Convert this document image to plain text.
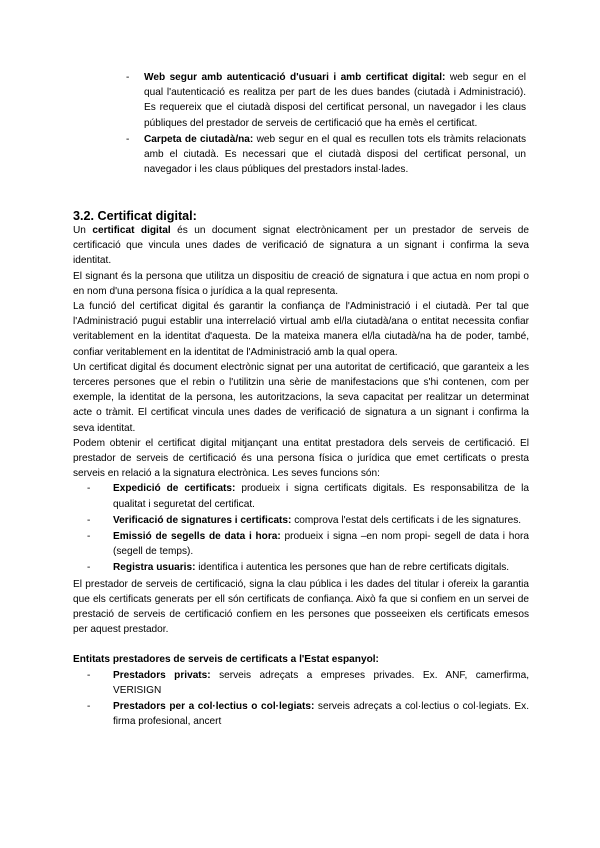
- Web segur amb autenticació d'usuari i amb certificat digital: web segur en el qual l'autenticació es realitza per part de les dues bandes (ciutadà i Administració). Es requereix que el ciutadà disposi del certificat personal, un navegador i les claus públiques del prestador de serveis de certificació que ha emès el certificat.
- Carpeta de ciutadà/na: web segur en el qual es recullen tots els tràmits relacionats amb el ciutadà. Es necessari que el ciutadà disposi del certificat personal, un navegador i les claus públiques del prestadors instal·lades.
3.2. Certificat digital:

Un certificat digital és un document signat electrònicament per un prestador de serveis de certificació que vincula unes dades de verificació de signatura a un signant i confirma la seva identitat.

El signant és la persona que utilitza un dispositiu de creació de signatura i que actua en nom propi o en nom d'una persona física o jurídica a la qual representa.

La funció del certificat digital és garantir la confiança de l'Administració i el ciutadà. Per tal que l'Administració pugui establir una interrelació virtual amb el/la ciutadà/ana o entitat necessita confiar veritablement en la identitat d'aquesta. De la mateixa manera el/la ciutadà/na ha de poder, també, confiar veritablement en la identitat de l'Administració amb la qual opera.

Un certificat digital és document electrònic signat per una autoritat de certificació, que garanteix a les terceres persones que el rebin o l'utilitzin una sèrie de manifestacions que s'hi contenen, com per exemple, la identitat de la persona, les autoritzacions, la seva capacitat per realitzar un determinat acte o tràmit. El certificat vincula unes dades de verificació de signatura a un signant i confirma la seva identitat.

Podem obtenir el certificat digital mitjançant una entitat prestadora dels serveis de certificació. El prestador de serveis de certificació és una persona física o jurídica que emet certificats o presta serveis en relació a la signatura electrònica. Les seves funcions són:

- Expedició de certificats: produeix i signa certificats digitals. Es responsabilitza de la qualitat i seguretat del certificat.
- Verificació de signatures i certificats: comprova l'estat dels certificats i de les signatures.
- Emissió de segells de data i hora: produeix i signa –en nom propi- segell de data i hora (segell de temps).
- Registra usuaris: identifica i autentica les persones que han de rebre certificats digitals.

El prestador de serveis de certificació, signa la clau pública i les dades del titular i ofereix la garantia que els certificats generats per ell són certificats de confiança. Això fa que si confiem en un servei de prestació de serveis de certificació confiem en les persones que posseeixen els certificats emesos per aquest prestador.

Entitats prestadores de serveis de certificats a l'Estat espanyol:

- Prestadors privats: serveis adreçats a empreses privades. Ex. ANF, camerfirma, VERISIGN
- Prestadors per a col·lectius o col·legiats: serveis adreçats a col·lectius o col·legiats. Ex. firma profesional, ancert
